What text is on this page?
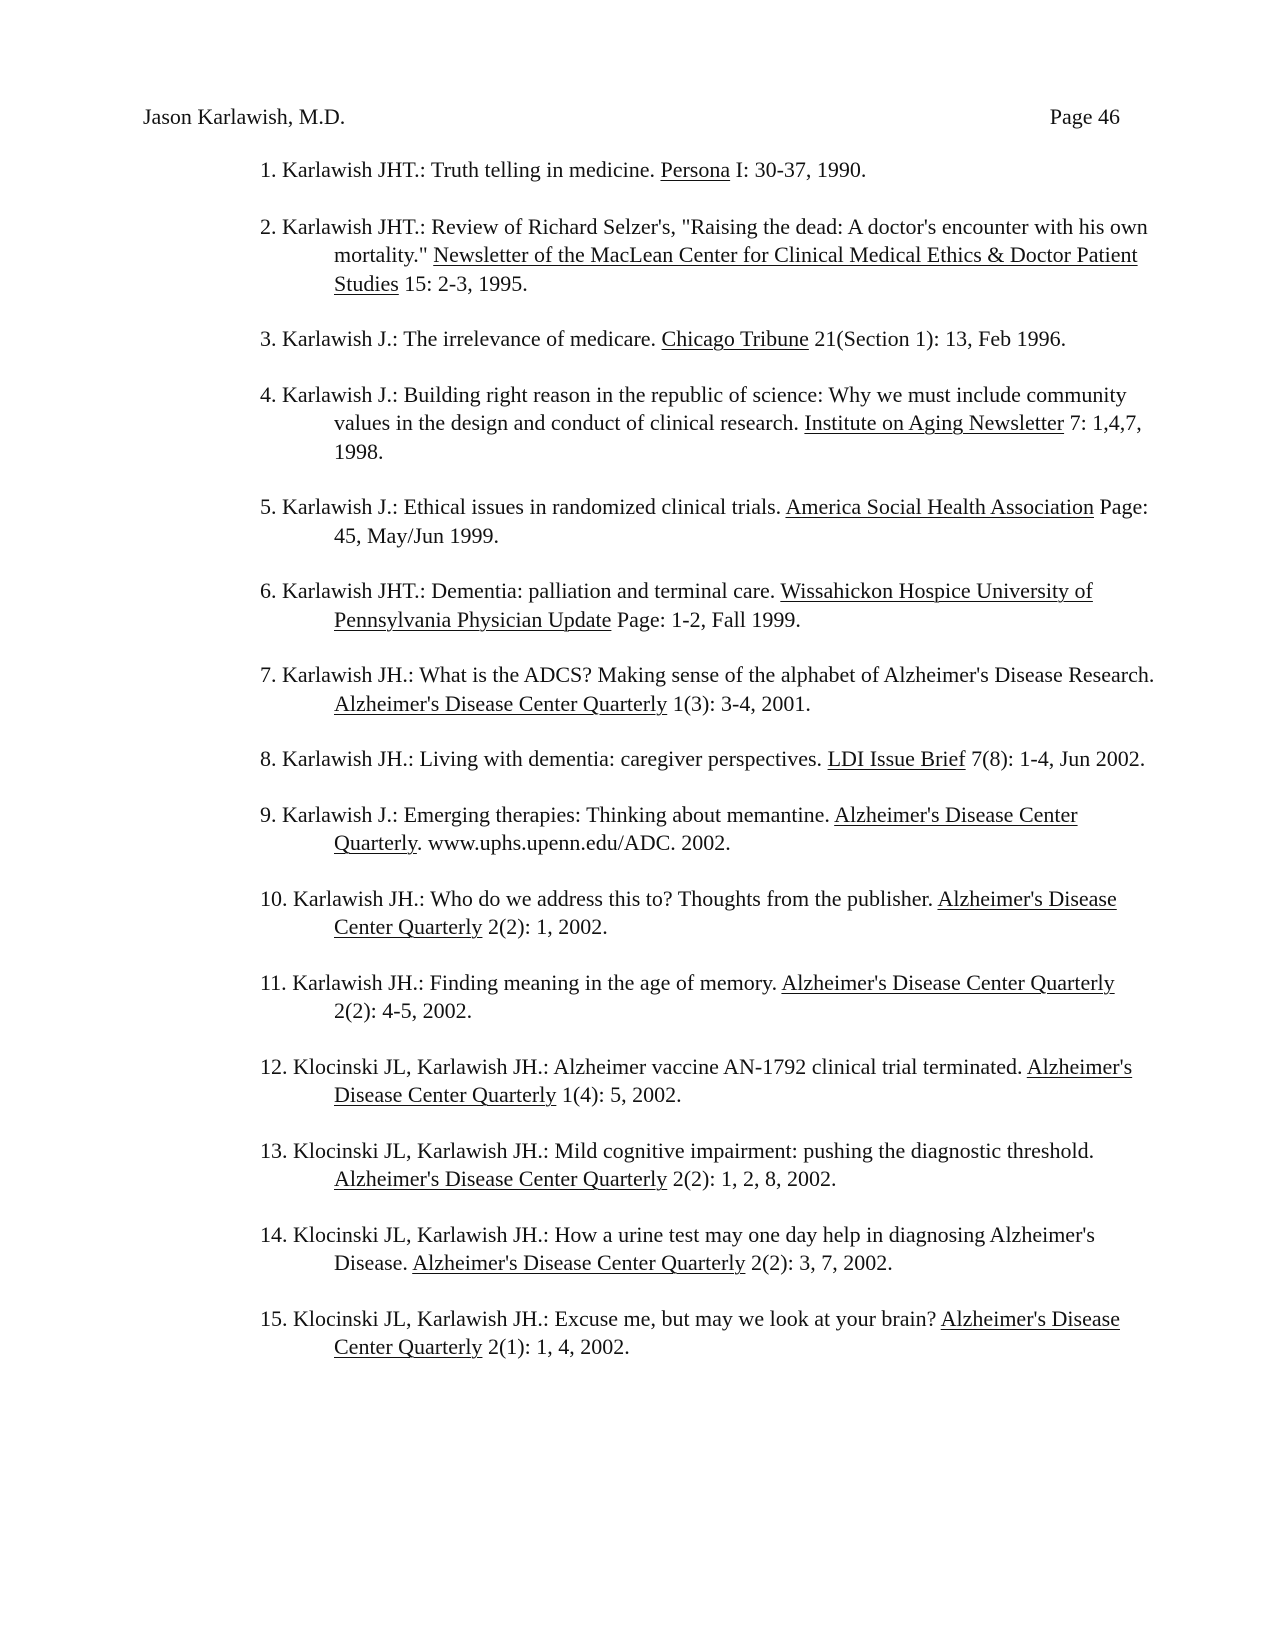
Jason Karlawish, M.D.	Page 46
1. Karlawish JHT.: Truth telling in medicine. Persona I: 30-37, 1990.
2. Karlawish JHT.: Review of Richard Selzer's, "Raising the dead: A doctor's encounter with his own mortality." Newsletter of the MacLean Center for Clinical Medical Ethics & Doctor Patient Studies 15: 2-3, 1995.
3. Karlawish J.: The irrelevance of medicare. Chicago Tribune 21(Section 1): 13, Feb 1996.
4. Karlawish J.: Building right reason in the republic of science: Why we must include community values in the design and conduct of clinical research. Institute on Aging Newsletter 7: 1,4,7, 1998.
5. Karlawish J.: Ethical issues in randomized clinical trials. America Social Health Association Page: 45, May/Jun 1999.
6. Karlawish JHT.: Dementia: palliation and terminal care. Wissahickon Hospice University of Pennsylvania Physician Update Page: 1-2, Fall 1999.
7. Karlawish JH.: What is the ADCS? Making sense of the alphabet of Alzheimer's Disease Research. Alzheimer's Disease Center Quarterly 1(3): 3-4, 2001.
8. Karlawish JH.: Living with dementia: caregiver perspectives. LDI Issue Brief 7(8): 1-4, Jun 2002.
9. Karlawish J.: Emerging therapies: Thinking about memantine. Alzheimer's Disease Center Quarterly. www.uphs.upenn.edu/ADC. 2002.
10. Karlawish JH.: Who do we address this to? Thoughts from the publisher. Alzheimer's Disease Center Quarterly 2(2): 1, 2002.
11. Karlawish JH.: Finding meaning in the age of memory. Alzheimer's Disease Center Quarterly 2(2): 4-5, 2002.
12. Klocinski JL, Karlawish JH.: Alzheimer vaccine AN-1792 clinical trial terminated. Alzheimer's Disease Center Quarterly 1(4): 5, 2002.
13. Klocinski JL, Karlawish JH.: Mild cognitive impairment: pushing the diagnostic threshold. Alzheimer's Disease Center Quarterly 2(2): 1, 2, 8, 2002.
14. Klocinski JL, Karlawish JH.: How a urine test may one day help in diagnosing Alzheimer's Disease. Alzheimer's Disease Center Quarterly 2(2): 3, 7, 2002.
15. Klocinski JL, Karlawish JH.: Excuse me, but may we look at your brain? Alzheimer's Disease Center Quarterly 2(1): 1, 4, 2002.
